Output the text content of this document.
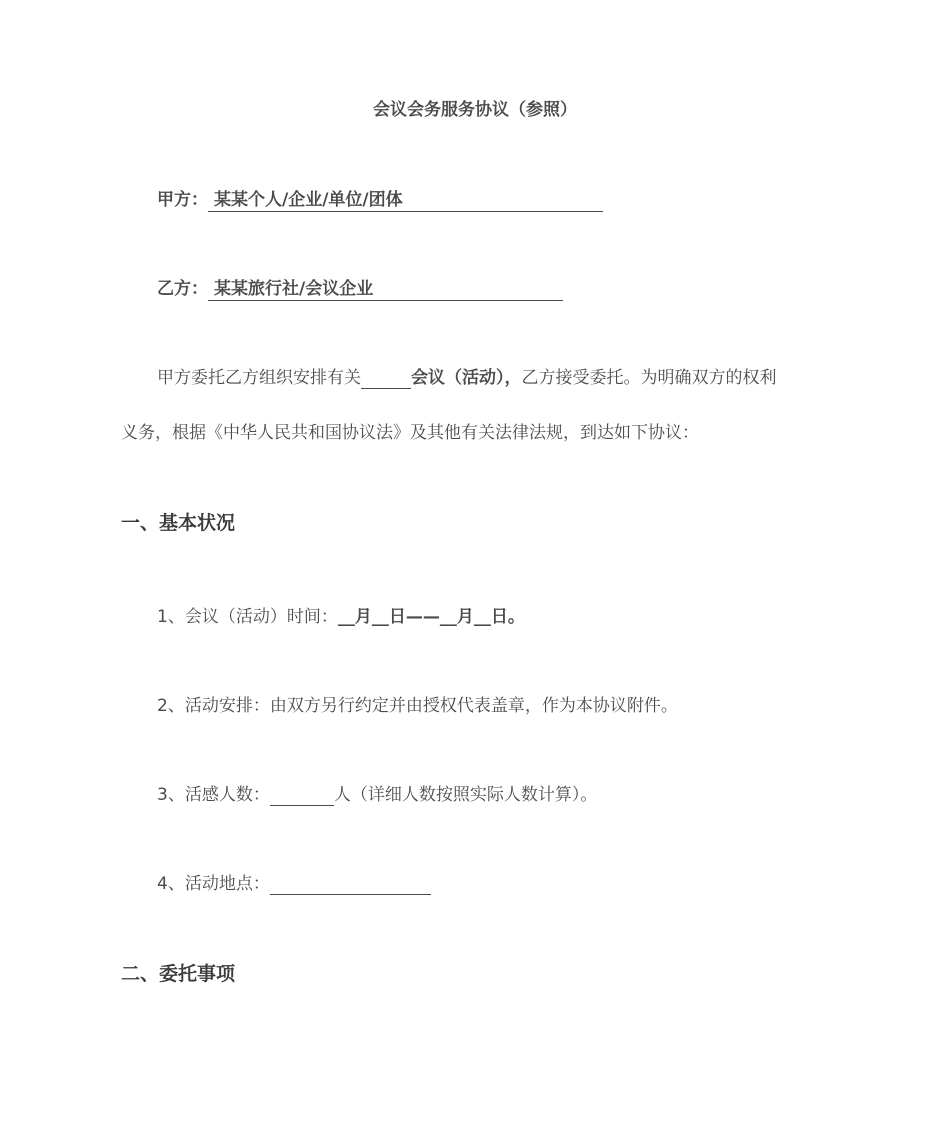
会议会务服务协议（参照）
甲方： 某某个人/企业/单位/团体
乙方： 某某旅行社/会议企业
甲方委托乙方组织安排有关	会议（活动），乙方接受委托。为明确双方的权利
义务，根据《中华人民共和国协议法》及其他有关法律法规，到达如下协议：
一、基本状况
1、会议（活动）时间：__月__日——__月__日。
2、活动安排：由双方另行约定并由授权代表盖章，作为本协议附件。
3、活感人数：	人（详细人数按照实际人数计算）。
4、活动地点：
二、委托事项
